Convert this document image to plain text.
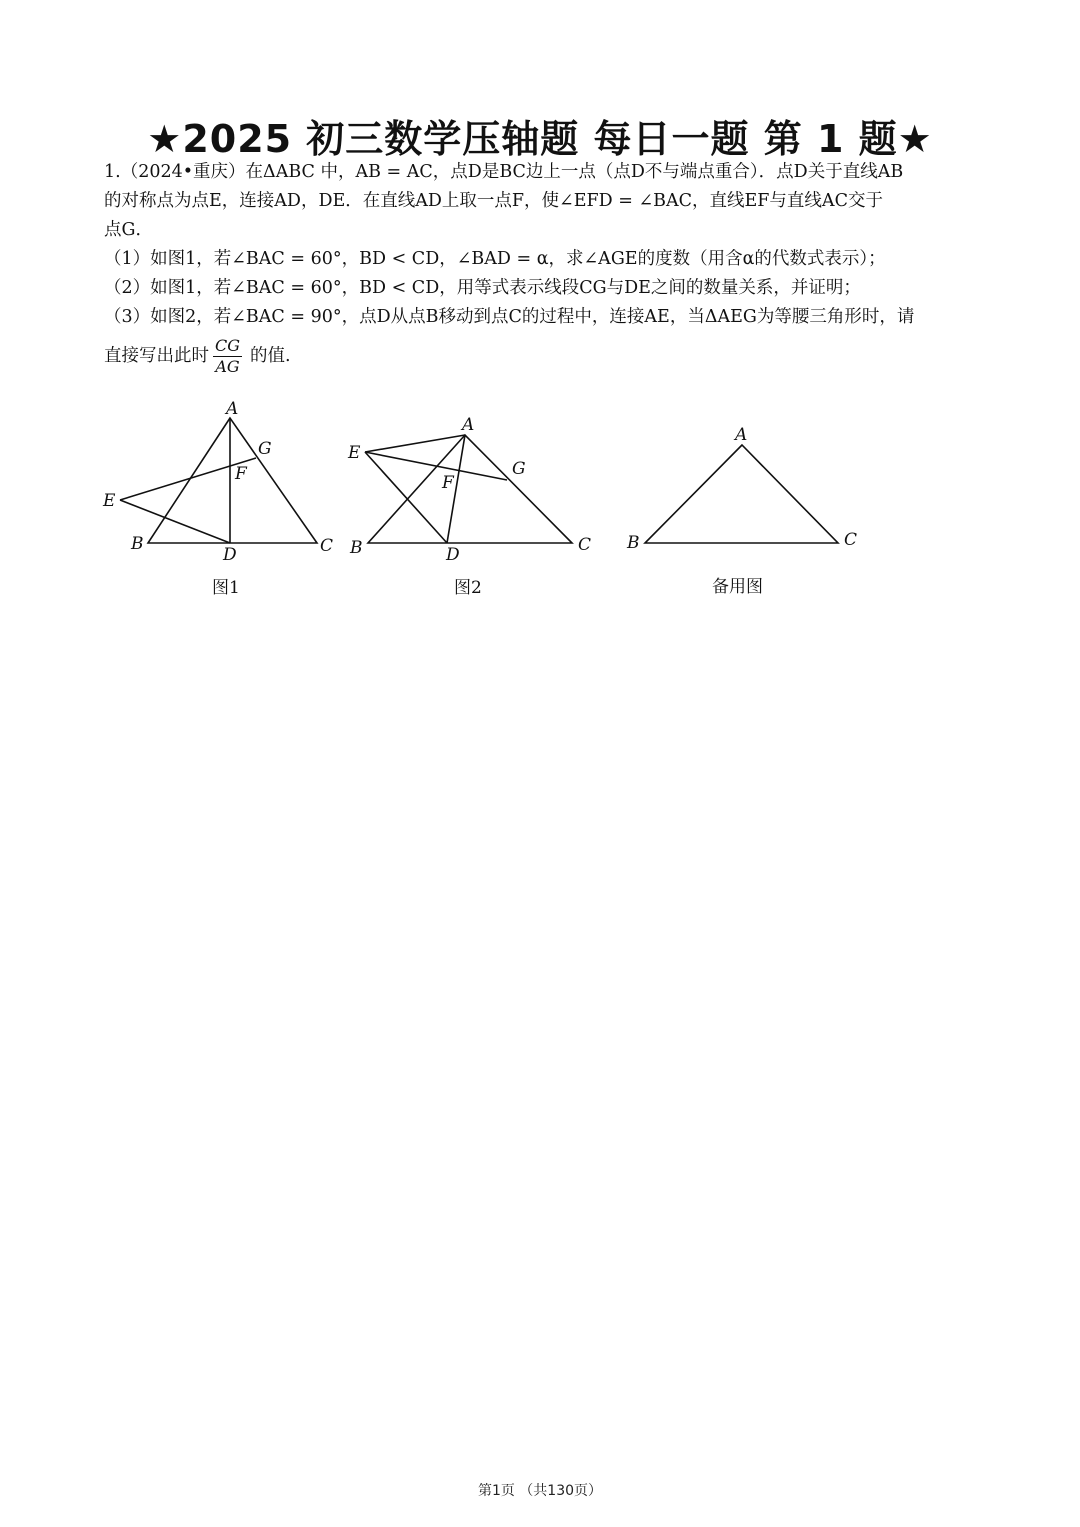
★2025 初三数学压轴题 每日一题 第 1 题★

1.（2024•重庆）在ΔABC 中，AB = AC，点D是BC边上一点（点D不与端点重合）．点D关于直线AB

的对称点为点E，连接AD，DE．在直线AD上取一点F，使∠EFD = ∠BAC，直线EF与直线AC交于

点G．

（1）如图1，若∠BAC = 60°，BD < CD，∠BAD = α，求∠AGE的度数（用含α的代数式表示）；

（2）如图1，若∠BAC = 60°，BD < CD，用等式表示线段CG与DE之间的数量关系，并证明；

（3）如图2，若∠BAC = 90°，点D从点B移动到点C的过程中，连接AE，当ΔAEG为等腰三角形时，请

直接写出此时 $\frac{CG}{AG}$ 的值.

A
B	C
D
E
F
G
图1
A
B	C
D
E
F
G
图2
A
B	C
备用图
第1页 （共130页）
